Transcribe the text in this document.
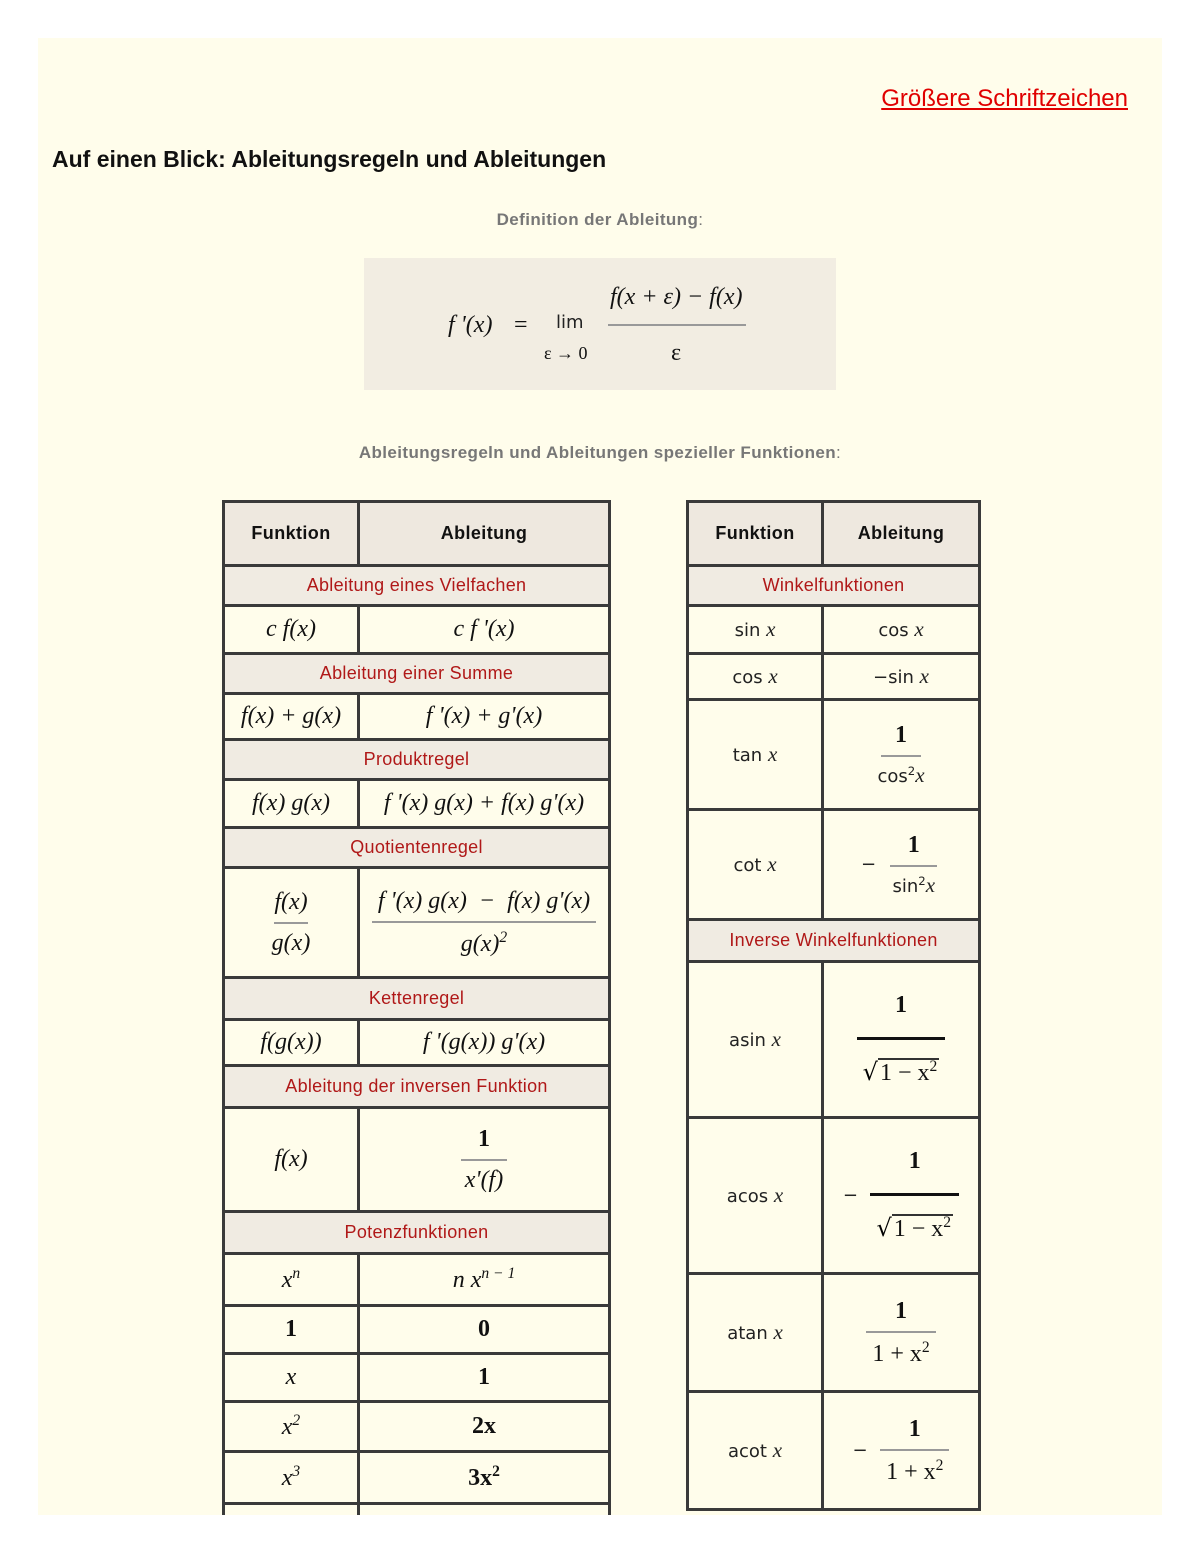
Größere Schriftzeichen
Auf einen Blick: Ableitungsregeln und Ableitungen
Definition der Ableitung:
f '(x) = lim
ε → 0
f(x + ε) − f(x)
ε
Ableitungsregeln und Ableitungen spezieller Funktionen:
Funktion	Ableitung
Ableitung eines Vielfachen	
c f(x)	c f '(x)
Ableitung einer Summe	
f(x) + g(x)	f '(x) + g'(x)
Produktregel	
f(x) g(x)	f '(x) g(x) + f(x) g'(x)
Quotientenregel	

$\frac{f(x)}{g(x)}$	$\frac{f '(x) g(x) - f(x) g'(x)}{g(x)^2}$

Kettenregel	
f(g(x))	f '(g(x)) g'(x)
Ableitung der inversen Funktion	
f(x)	$\frac{1}{x'(f)}$

Potenzfunktionen	
$x^n$	n $x^{n - 1}$
1	0
x	1
$x^2$	2x
$x^3$	$3x^2$

Funktion	Ableitung
Winkelfunktionen	
sin x	cos x
cos x	−sin x
tan x	$\frac{1}{\cos^2x}$

cot x	− $\frac{1}{\sin^2x}$

Inverse Winkelfunktionen	
asin x	$\frac{1}{√1 - x^2}$

acos x	− $\frac{1}{√1 - x^2}$

atan x	$\frac{1}{1 + x^2}$

acot x	− $\frac{1}{1 + x^2}$
